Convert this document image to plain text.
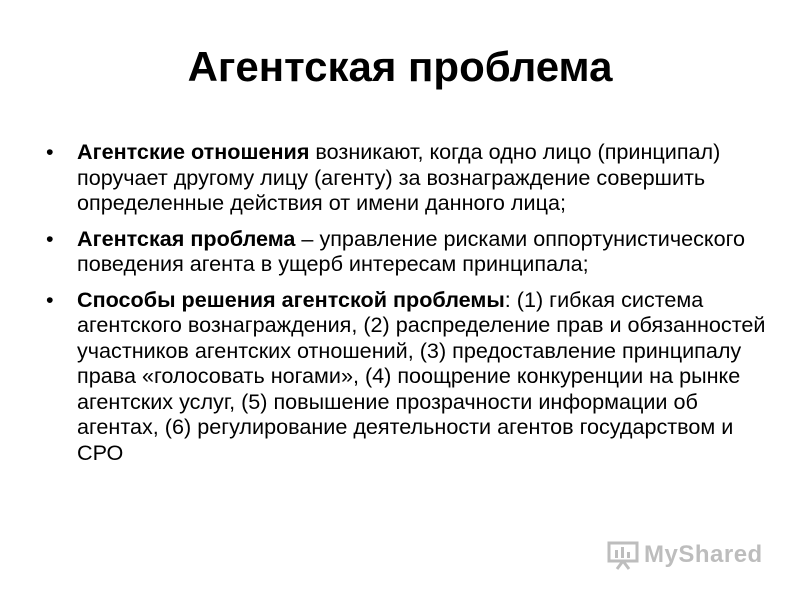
Агентская проблема
• Агентские отношения возникают, когда одно лицо (принципал) поручает другому лицу (агенту) за вознаграждение совершить определенные действия от имени данного лица;
• Агентская проблема – управление рисками оппортунистического поведения агента в ущерб интересам принципала;
• Способы решения агентской проблемы: (1) гибкая система агентского вознаграждения, (2) распределение прав и обязанностей участников агентских отношений, (3) предоставление принципалу права «голосовать ногами», (4) поощрение конкуренции на рынке агентских услуг, (5) повышение прозрачности информации об агентах, (6) регулирование деятельности агентов государством и СРО
MyShared
